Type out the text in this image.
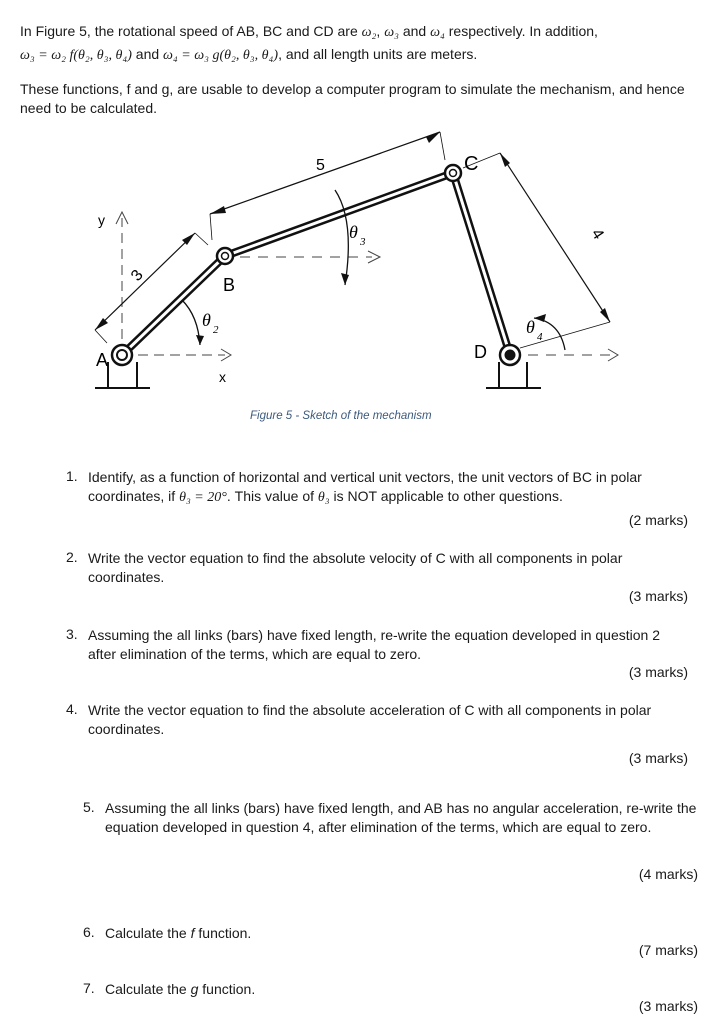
In Figure 5, the rotational speed of AB, BC and CD are ω₂, ω₃ and ω₄ respectively. In addition,
ω₃ = ω₂ f(θ₂, θ₃, θ₄) and ω₄ = ω₃ g(θ₂, θ₃, θ₄), and all length units are meters.
These functions, f and g, are usable to develop a computer program to simulate the mechanism, and hence need to be calculated.
A
B
C
D
y
x
3
5
4
θ 2
θ 3
θ 4
Figure 5 - Sketch of the mechanism
1. Identify, as a function of horizontal and vertical unit vectors, the unit vectors of BC in polar coordinates, if θ₃ = 20°. This value of θ₃ is NOT applicable to other questions.
(2 marks)
2. Write the vector equation to find the absolute velocity of C with all components in polar coordinates.
(3 marks)
3. Assuming the all links (bars) have fixed length, re-write the equation developed in question 2 after elimination of the terms, which are equal to zero.
(3 marks)
4. Write the vector equation to find the absolute acceleration of C with all components in polar coordinates.
(3 marks)
5. Assuming the all links (bars) have fixed length, and AB has no angular acceleration, re-write the equation developed in question 4, after elimination of the terms, which are equal to zero.
(4 marks)
6. Calculate the f function.
(7 marks)
7. Calculate the g function.
(3 marks)
